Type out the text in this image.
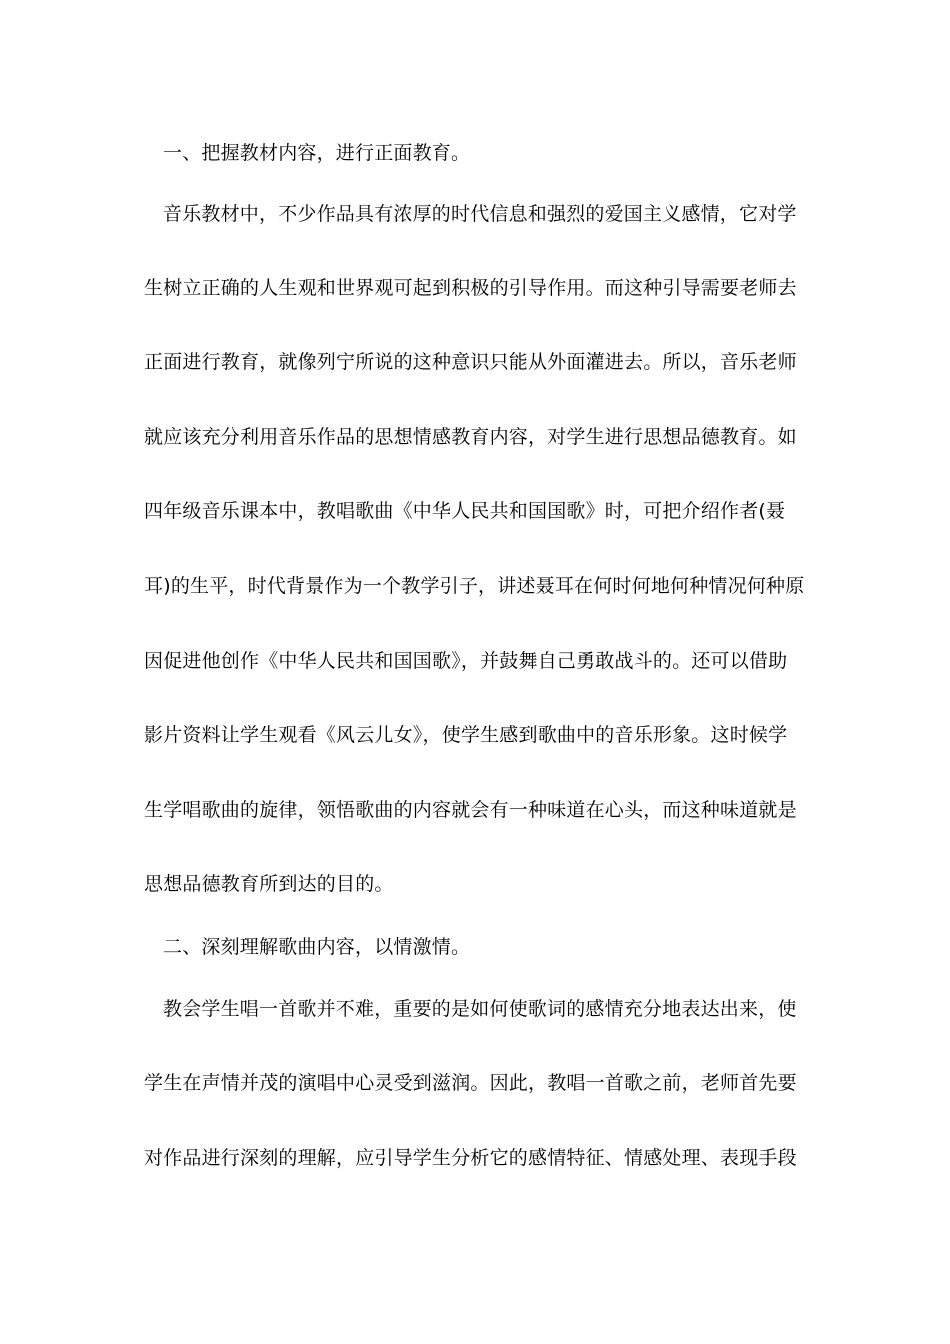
一、把握教材内容，进行正面教育。
音乐教材中，不少作品具有浓厚的时代信息和强烈的爱国主义感情，它对学
生树立正确的人生观和世界观可起到积极的引导作用。而这种引导需要老师去
正面进行教育，就像列宁所说的这种意识只能从外面灌进去。所以，音乐老师
就应该充分利用音乐作品的思想情感教育内容，对学生进行思想品德教育。如
四年级音乐课本中，教唱歌曲《中华人民共和国国歌》时，可把介绍作者(聂
耳)的生平，时代背景作为一个教学引子，讲述聂耳在何时何地何种情况何种原
因促进他创作《中华人民共和国国歌》，并鼓舞自己勇敢战斗的。还可以借助
影片资料让学生观看《风云儿女》，使学生感到歌曲中的音乐形象。这时候学
生学唱歌曲的旋律，领悟歌曲的内容就会有一种味道在心头，而这种味道就是
思想品德教育所到达的目的。
二、深刻理解歌曲内容，以情激情。
教会学生唱一首歌并不难，重要的是如何使歌词的感情充分地表达出来，使
学生在声情并茂的演唱中心灵受到滋润。因此，教唱一首歌之前，老师首先要
对作品进行深刻的理解，应引导学生分析它的感情特征、情感处理、表现手段
